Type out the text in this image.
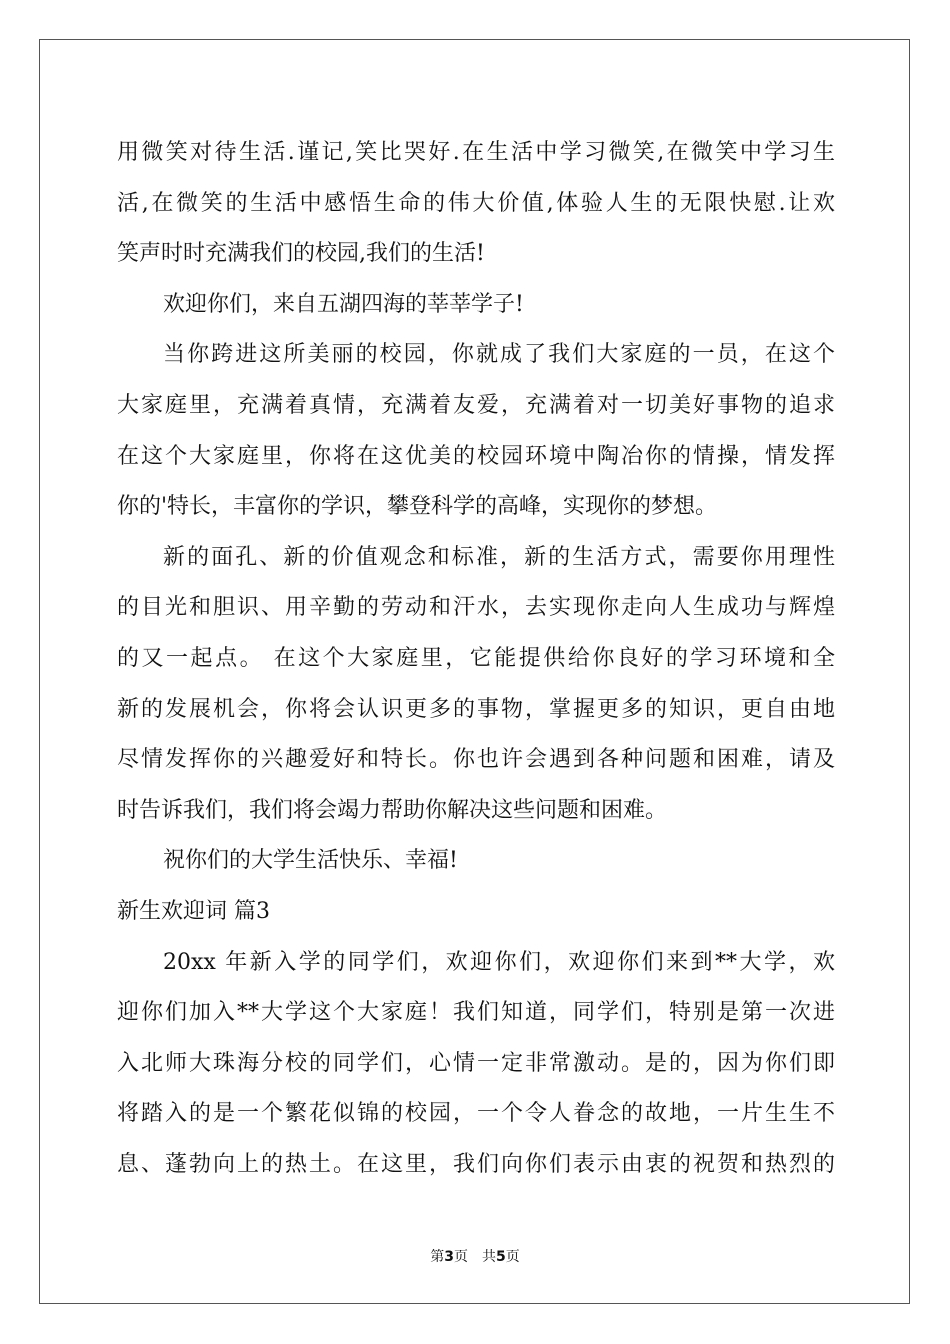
用微笑对待生活.谨记,笑比哭好.在生活中学习微笑,在微笑中学习生
活,在微笑的生活中感悟生命的伟大价值,体验人生的无限快慰.让欢
笑声时时充满我们的校园,我们的生活!
欢迎你们，来自五湖四海的莘莘学子!
当你跨进这所美丽的校园，你就成了我们大家庭的一员，在这个
大家庭里，充满着真情，充满着友爱，充满着对一切美好事物的追求
在这个大家庭里，你将在这优美的校园环境中陶冶你的情操，情发挥
你的'特长，丰富你的学识，攀登科学的高峰，实现你的梦想。
新的面孔、新的价值观念和标准，新的生活方式，需要你用理性
的目光和胆识、用辛勤的劳动和汗水，去实现你走向人生成功与辉煌
的又一起点。 在这个大家庭里，它能提供给你良好的学习环境和全
新的发展机会，你将会认识更多的事物，掌握更多的知识，更自由地
尽情发挥你的兴趣爱好和特长。你也许会遇到各种问题和困难，请及
时告诉我们，我们将会竭力帮助你解决这些问题和困难。
祝你们的大学生活快乐、幸福!
新生欢迎词 篇3
20xx 年新入学的同学们，欢迎你们，欢迎你们来到**大学，欢
迎你们加入**大学这个大家庭！我们知道，同学们，特别是第一次进
入北师大珠海分校的同学们，心情一定非常激动。是的，因为你们即
将踏入的是一个繁花似锦的校园，一个令人眷念的故地，一片生生不
息、蓬勃向上的热土。在这里，我们向你们表示由衷的祝贺和热烈的
第3页　共5页
